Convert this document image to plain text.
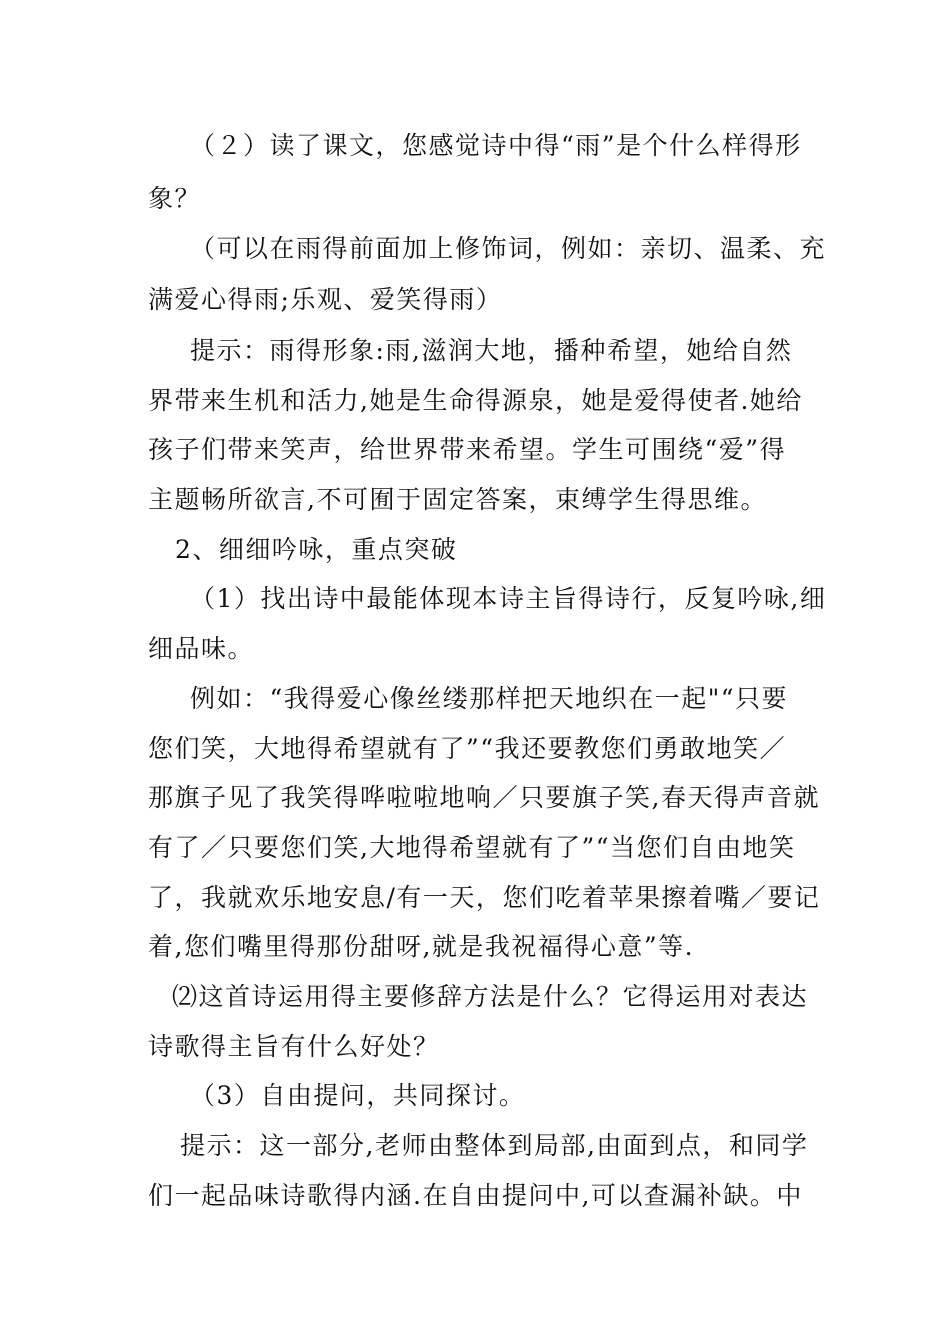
（２）读了课文，您感觉诗中得“雨”是个什么样得形
象？
（可以在雨得前面加上修饰词，例如：亲切、温柔、充
满爱心得雨;乐观、爱笑得雨）
提示：雨得形象:雨,滋润大地，播种希望，她给自然
界带来生机和活力,她是生命得源泉，她是爱得使者.她给
孩子们带来笑声，给世界带来希望。学生可围绕“爱”得
主题畅所欲言,不可囿于固定答案，束缚学生得思维。
2、细细吟咏，重点突破
（1）找出诗中最能体现本诗主旨得诗行，反复吟咏,细
细品味。
例如：“我得爱心像丝缕那样把天地织在一起"“只要
您们笑，大地得希望就有了”“我还要教您们勇敢地笑／
那旗子见了我笑得哗啦啦地响／只要旗子笑,春天得声音就
有了／只要您们笑,大地得希望就有了”“当您们自由地笑
了，我就欢乐地安息/有一天，您们吃着苹果擦着嘴／要记
着,您们嘴里得那份甜呀,就是我祝福得心意”等.
⑵这首诗运用得主要修辞方法是什么？它得运用对表达
诗歌得主旨有什么好处？
（3）自由提问，共同探讨。
提示：这一部分,老师由整体到局部,由面到点，和同学
们一起品味诗歌得内涵.在自由提问中,可以查漏补缺。中
